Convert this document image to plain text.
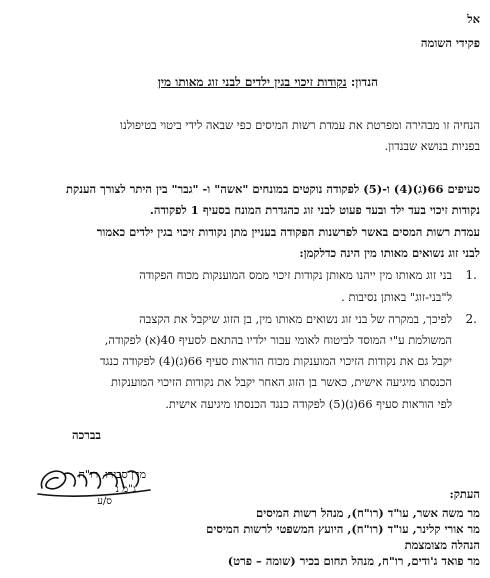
אל
פקידי השומה
הנדון: נקודות זיכוי בגין ילדים לבני זוג מאותו מין
הנחיה זו מבהירה ומפרטת את עמדת רשות המיסים כפי שבאה לידי ביטוי בטיפולנו
בפניות בנושא שבנדון.
סעיפים 66(ג)(4) ו-(5) לפקודה נוקטים במונחים "אשה" ו- "גבר" בין היתר לצורך הענקת
נקודות זיכוי בעד ילד ובעד פעוט לבני זוג כהגדרת המונח בסעיף 1 לפקודה.
עמדת רשות המסים באשר לפרשנות הפקודה בעניין מתן נקודות זיכוי בגין ילדים כאמור
לבני זוג נשואים מאותו מין הינה כדלקמן:
1.
בני זוג מאותו מין ייהנו מאותן נקודות זיכוי ממס המוענקות מכוח הפקודה
ל"בני-זוג" באותן נסיבות .
2.
לפיכך, במקרה של בני זוג נשואים מאותו מין, בן הזוג שיקבל את הקצבה
המשולמת ע"י המוסד לביטוח לאומי עבור ילדיו בהתאם לסעיף 40(א) לפקודה,
יקבל גם את נקודות הזיכוי המוענקות מכוח הוראות סעיף 66(ג)(4) לפקודה כנגד
הכנסתו מיגיעה אישית, כאשר בן הזוג האחר יקבל את נקודות הזיכוי המוענקות
לפי הוראות סעיף 66(ג)(5) לפקודה כנגד הכנסתו מיגיעה אישית.
בברכה
מרן סבירו, רו"ח
ג"מ נ
ס/ע
העתק:
מר משה אשר, עו"ד (רו"ח), מנהל רשות המיסים
מר אורי קלינר, עו"ד (רו"ח), היועץ המשפטי לרשות המיסים
הנהלה מצומצמת
מר פואד ג'ודים, רו"ח, מנהל תחום בכיר (שומה – פרט)
